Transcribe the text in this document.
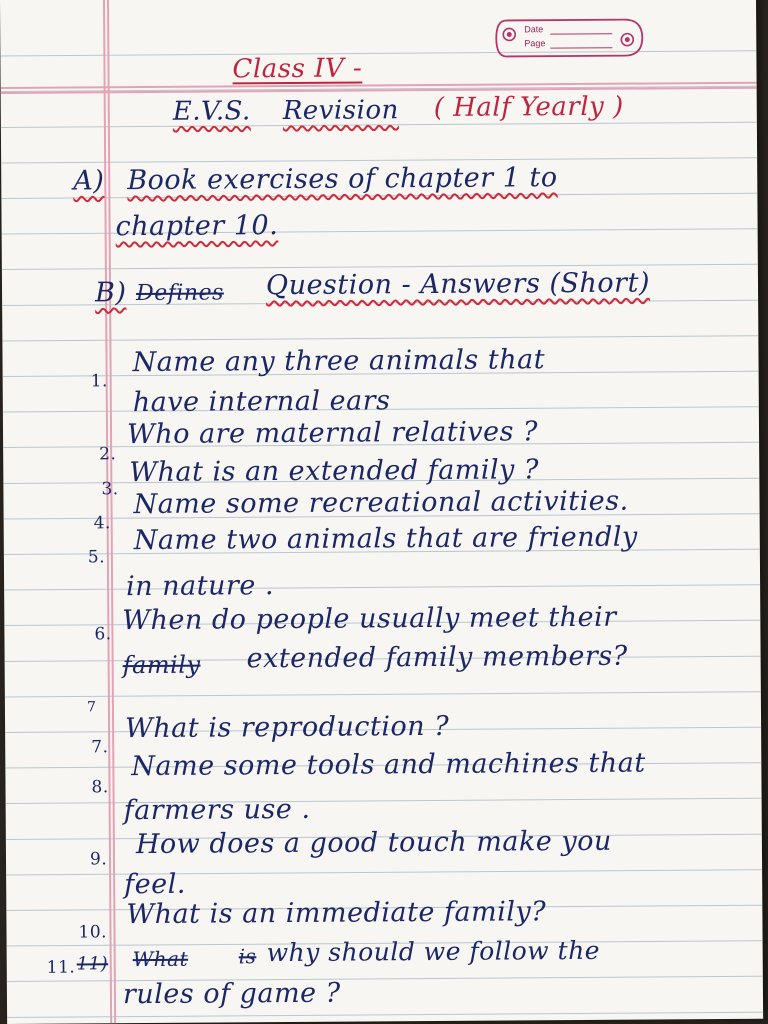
Date
Page
Class IV -
E.V.S. Revision ( Half Yearly )
A) Book exercises of chapter 1 to
chapter 10.
B) Defines Question - Answers (Short)
1.
Name any three animals that
have internal ears
2.
Who are maternal relatives ?
3.
What is an extended family ?
4.
Name some recreational activities.
5.
Name two animals that are friendly
in nature .
6. When do people usually meet their
family extended family members?
7
7.
What is reproduction ?
8.
Name some tools and machines that
farmers use .
9. How does a good touch make you
feel.
10.
What is an immediate family?
11. 11) What	is why should we follow the
rules of game ?
